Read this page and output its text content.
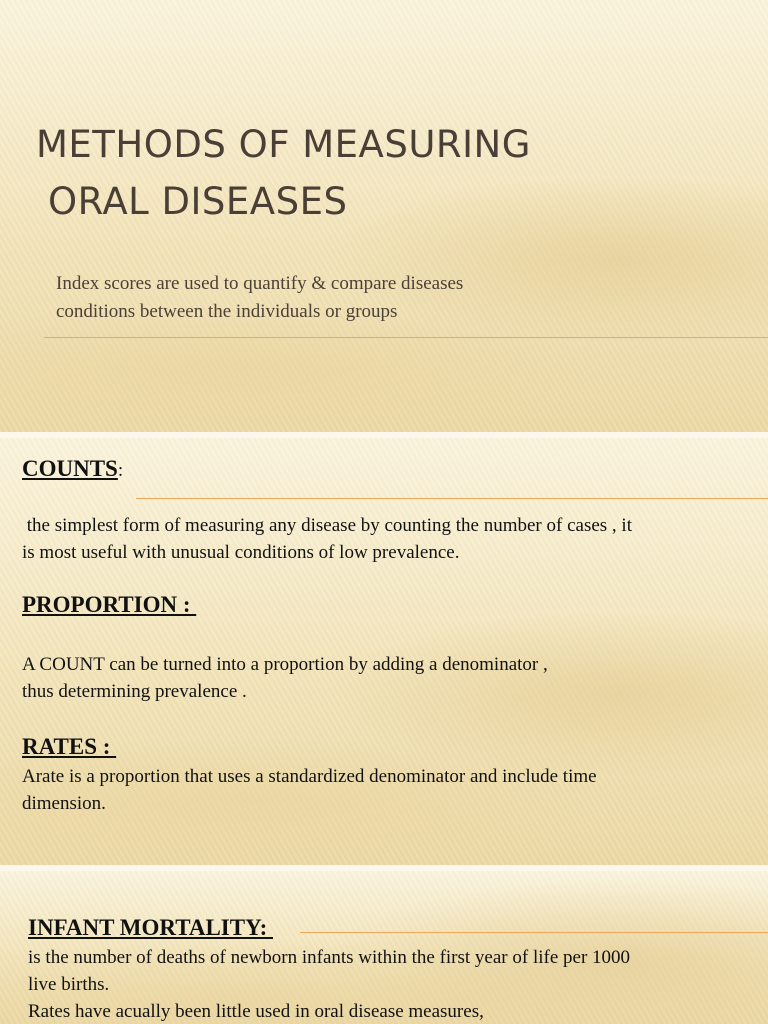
METHODS OF MEASURING
ORAL DISEASES
Index scores are used to quantify & compare diseases
conditions between the individuals or groups
COUNTS:
the simplest form of measuring any disease by counting the number of cases , it
is most useful with unusual conditions of low prevalence.
PROPORTION :
A COUNT can be turned into a proportion by adding a denominator ,
thus determining prevalence .
RATES :
Arate is a proportion that uses a standardized denominator and include time
dimension.
INFANT MORTALITY:
is the number of deaths of newborn infants within the first year of life per 1000
live births.
Rates have acually been little used in oral disease measures,
